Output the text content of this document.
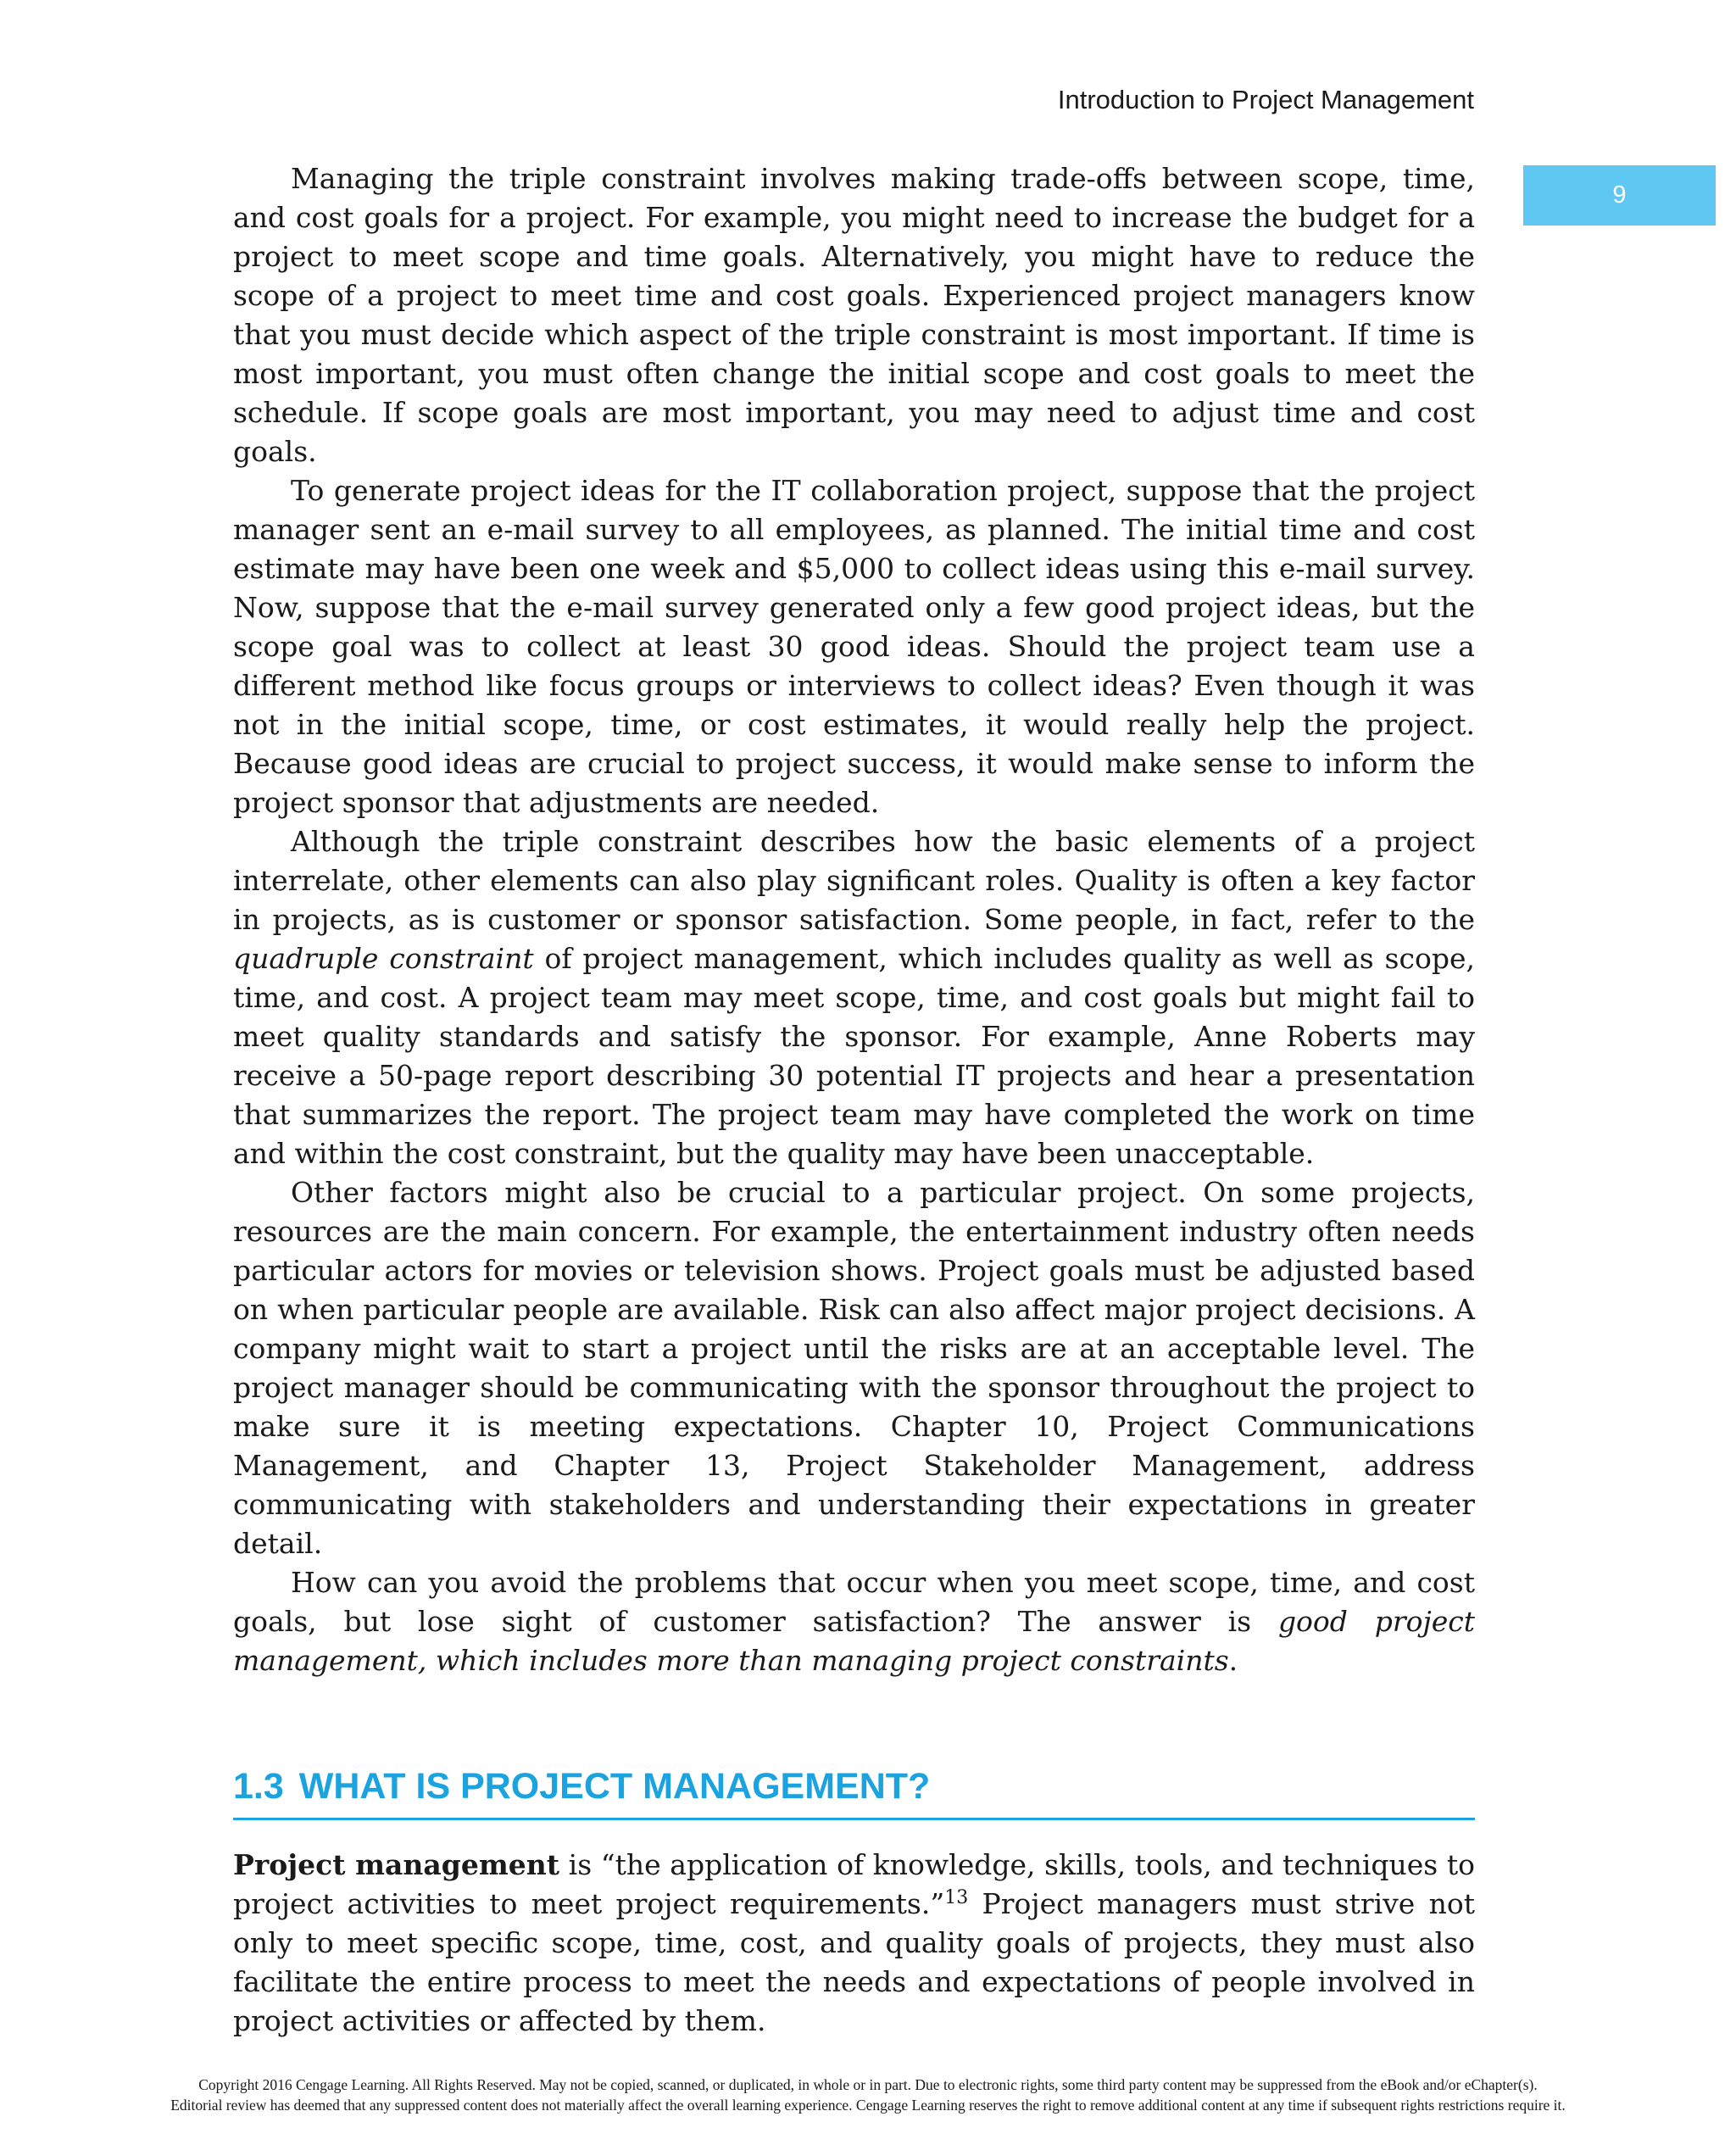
Introduction to Project Management
9

Managing the triple constraint involves making trade-offs between scope, time, and cost goals for a project. For example, you might need to increase the budget for a project to meet scope and time goals. Alternatively, you might have to reduce the scope of a project to meet time and cost goals. Experienced project managers know that you must decide which aspect of the triple constraint is most important. If time is most important, you must often change the initial scope and cost goals to meet the schedule. If scope goals are most important, you may need to adjust time and cost goals.

To generate project ideas for the IT collaboration project, suppose that the project manager sent an e-mail survey to all employees, as planned. The initial time and cost estimate may have been one week and $5,000 to collect ideas using this e-mail survey. Now, suppose that the e-mail survey generated only a few good project ideas, but the scope goal was to collect at least 30 good ideas. Should the project team use a different method like focus groups or interviews to collect ideas? Even though it was not in the initial scope, time, or cost estimates, it would really help the project. Because good ideas are crucial to project success, it would make sense to inform the project sponsor that adjustments are needed.

Although the triple constraint describes how the basic elements of a project interrelate, other elements can also play significant roles. Quality is often a key factor in projects, as is customer or sponsor satisfaction. Some people, in fact, refer to the quadruple constraint of project management, which includes quality as well as scope, time, and cost. A project team may meet scope, time, and cost goals but might fail to meet quality standards and satisfy the sponsor. For example, Anne Roberts may receive a 50-page report describing 30 potential IT projects and hear a presentation that summarizes the report. The project team may have completed the work on time and within the cost constraint, but the quality may have been unacceptable.

Other factors might also be crucial to a particular project. On some projects, resources are the main concern. For example, the entertainment industry often needs particular actors for movies or television shows. Project goals must be adjusted based on when particular people are available. Risk can also affect major project decisions. A company might wait to start a project until the risks are at an acceptable level. The project manager should be communicating with the sponsor throughout the project to make sure it is meeting expectations. Chapter 10, Project Communications Management, and Chapter 13, Project Stakeholder Management, address communicating with stakeholders and understanding their expectations in greater detail.

How can you avoid the problems that occur when you meet scope, time, and cost goals, but lose sight of customer satisfaction? The answer is good project management, which includes more than managing project constraints.

1.3 WHAT IS PROJECT MANAGEMENT?

Project management is “the application of knowledge, skills, tools, and techniques to project activities to meet project requirements.”$^{13}$ Project managers must strive not only to meet specific scope, time, cost, and quality goals of projects, they must also facilitate the entire process to meet the needs and expectations of people involved in project activities or affected by them.

Copyright 2016 Cengage Learning. All Rights Reserved. May not be copied, scanned, or duplicated, in whole or in part. Due to electronic rights, some third party content may be suppressed from the eBook and/or eChapter(s).

Editorial review has deemed that any suppressed content does not materially affect the overall learning experience. Cengage Learning reserves the right to remove additional content at any time if subsequent rights restrictions require it.
